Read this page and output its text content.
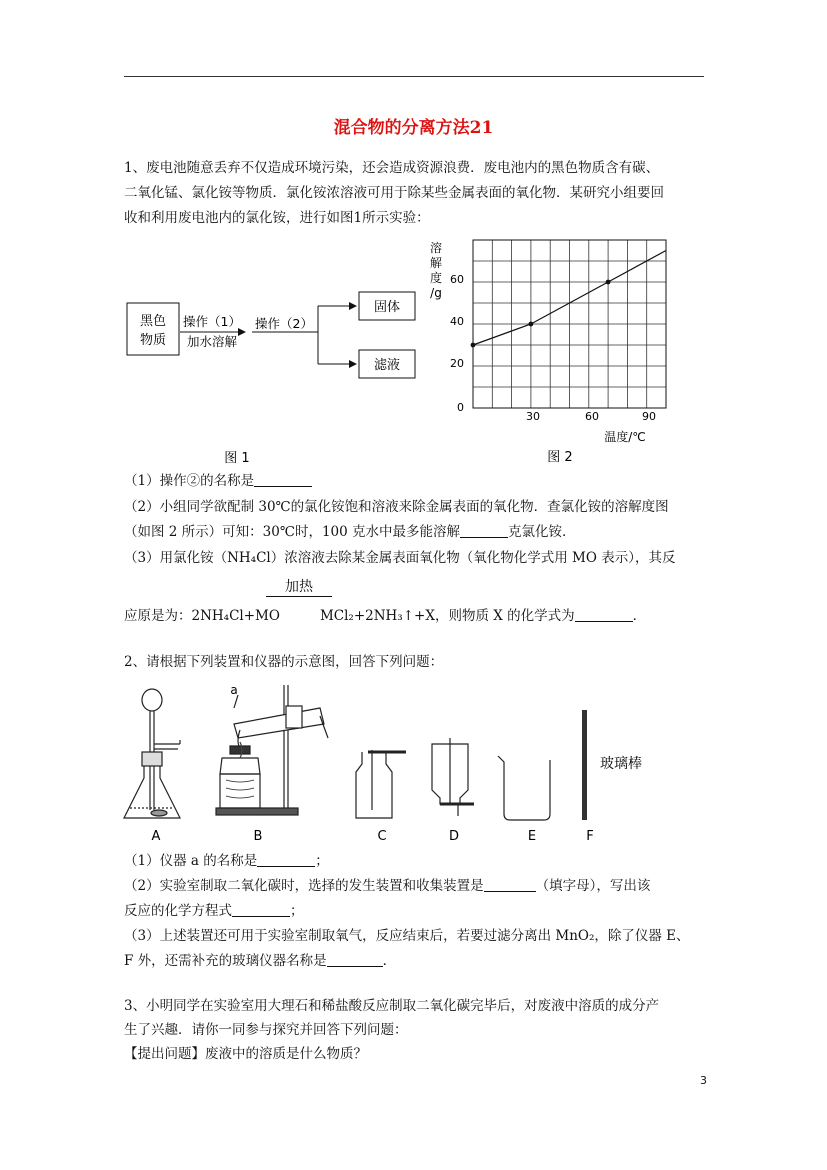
混合物的分离方法21
1、废电池随意丢弃不仅造成环境污染，还会造成资源浪费．废电池内的黑色物质含有碳、
二氧化锰、氯化铵等物质．氯化铵浓溶液可用于除某些金属表面的氧化物．某研究小组要回
收和利用废电池内的氯化铵，进行如图1所示实验：
黑色
物质
操作（1）
加水溶解
操作（2）
固体
滤液
图 1
溶
解
度
/g
60
40
20
0
30	60	90
温度/℃
图 2
（1）操作②的名称是
（2）小组同学欲配制 30℃的氯化铵饱和溶液来除金属表面的氧化物．查氯化铵的溶解度图
（如图 2 所示）可知：30℃时，100 克水中最多能溶解	克氯化铵．
（3）用氯化铵（NH₄Cl）浓溶液去除某金属表面氧化物（氧化物化学式用 MO 表示），其反
加热
应原是为：2NH₄Cl+MO	MCl₂+2NH₃↑+X，则物质 X 的化学式为	．
2、请根据下列装置和仪器的示意图，回答下列问题：
A
a
B	C	D	E
玻璃棒
F
（1）仪器 a 的名称是	；
（2）实验室制取二氧化碳时，选择的发生装置和收集装置是	（填字母），写出该
反应的化学方程式	；
（3）上述装置还可用于实验室制取氧气，反应结束后，若要过滤分离出 MnO₂，除了仪器 E、
F 外，还需补充的玻璃仪器名称是	．
3、小明同学在实验室用大理石和稀盐酸反应制取二氧化碳完毕后，对废液中溶质的成分产
生了兴趣．请你一同参与探究并回答下列问题：
【提出问题】废液中的溶质是什么物质？
3
